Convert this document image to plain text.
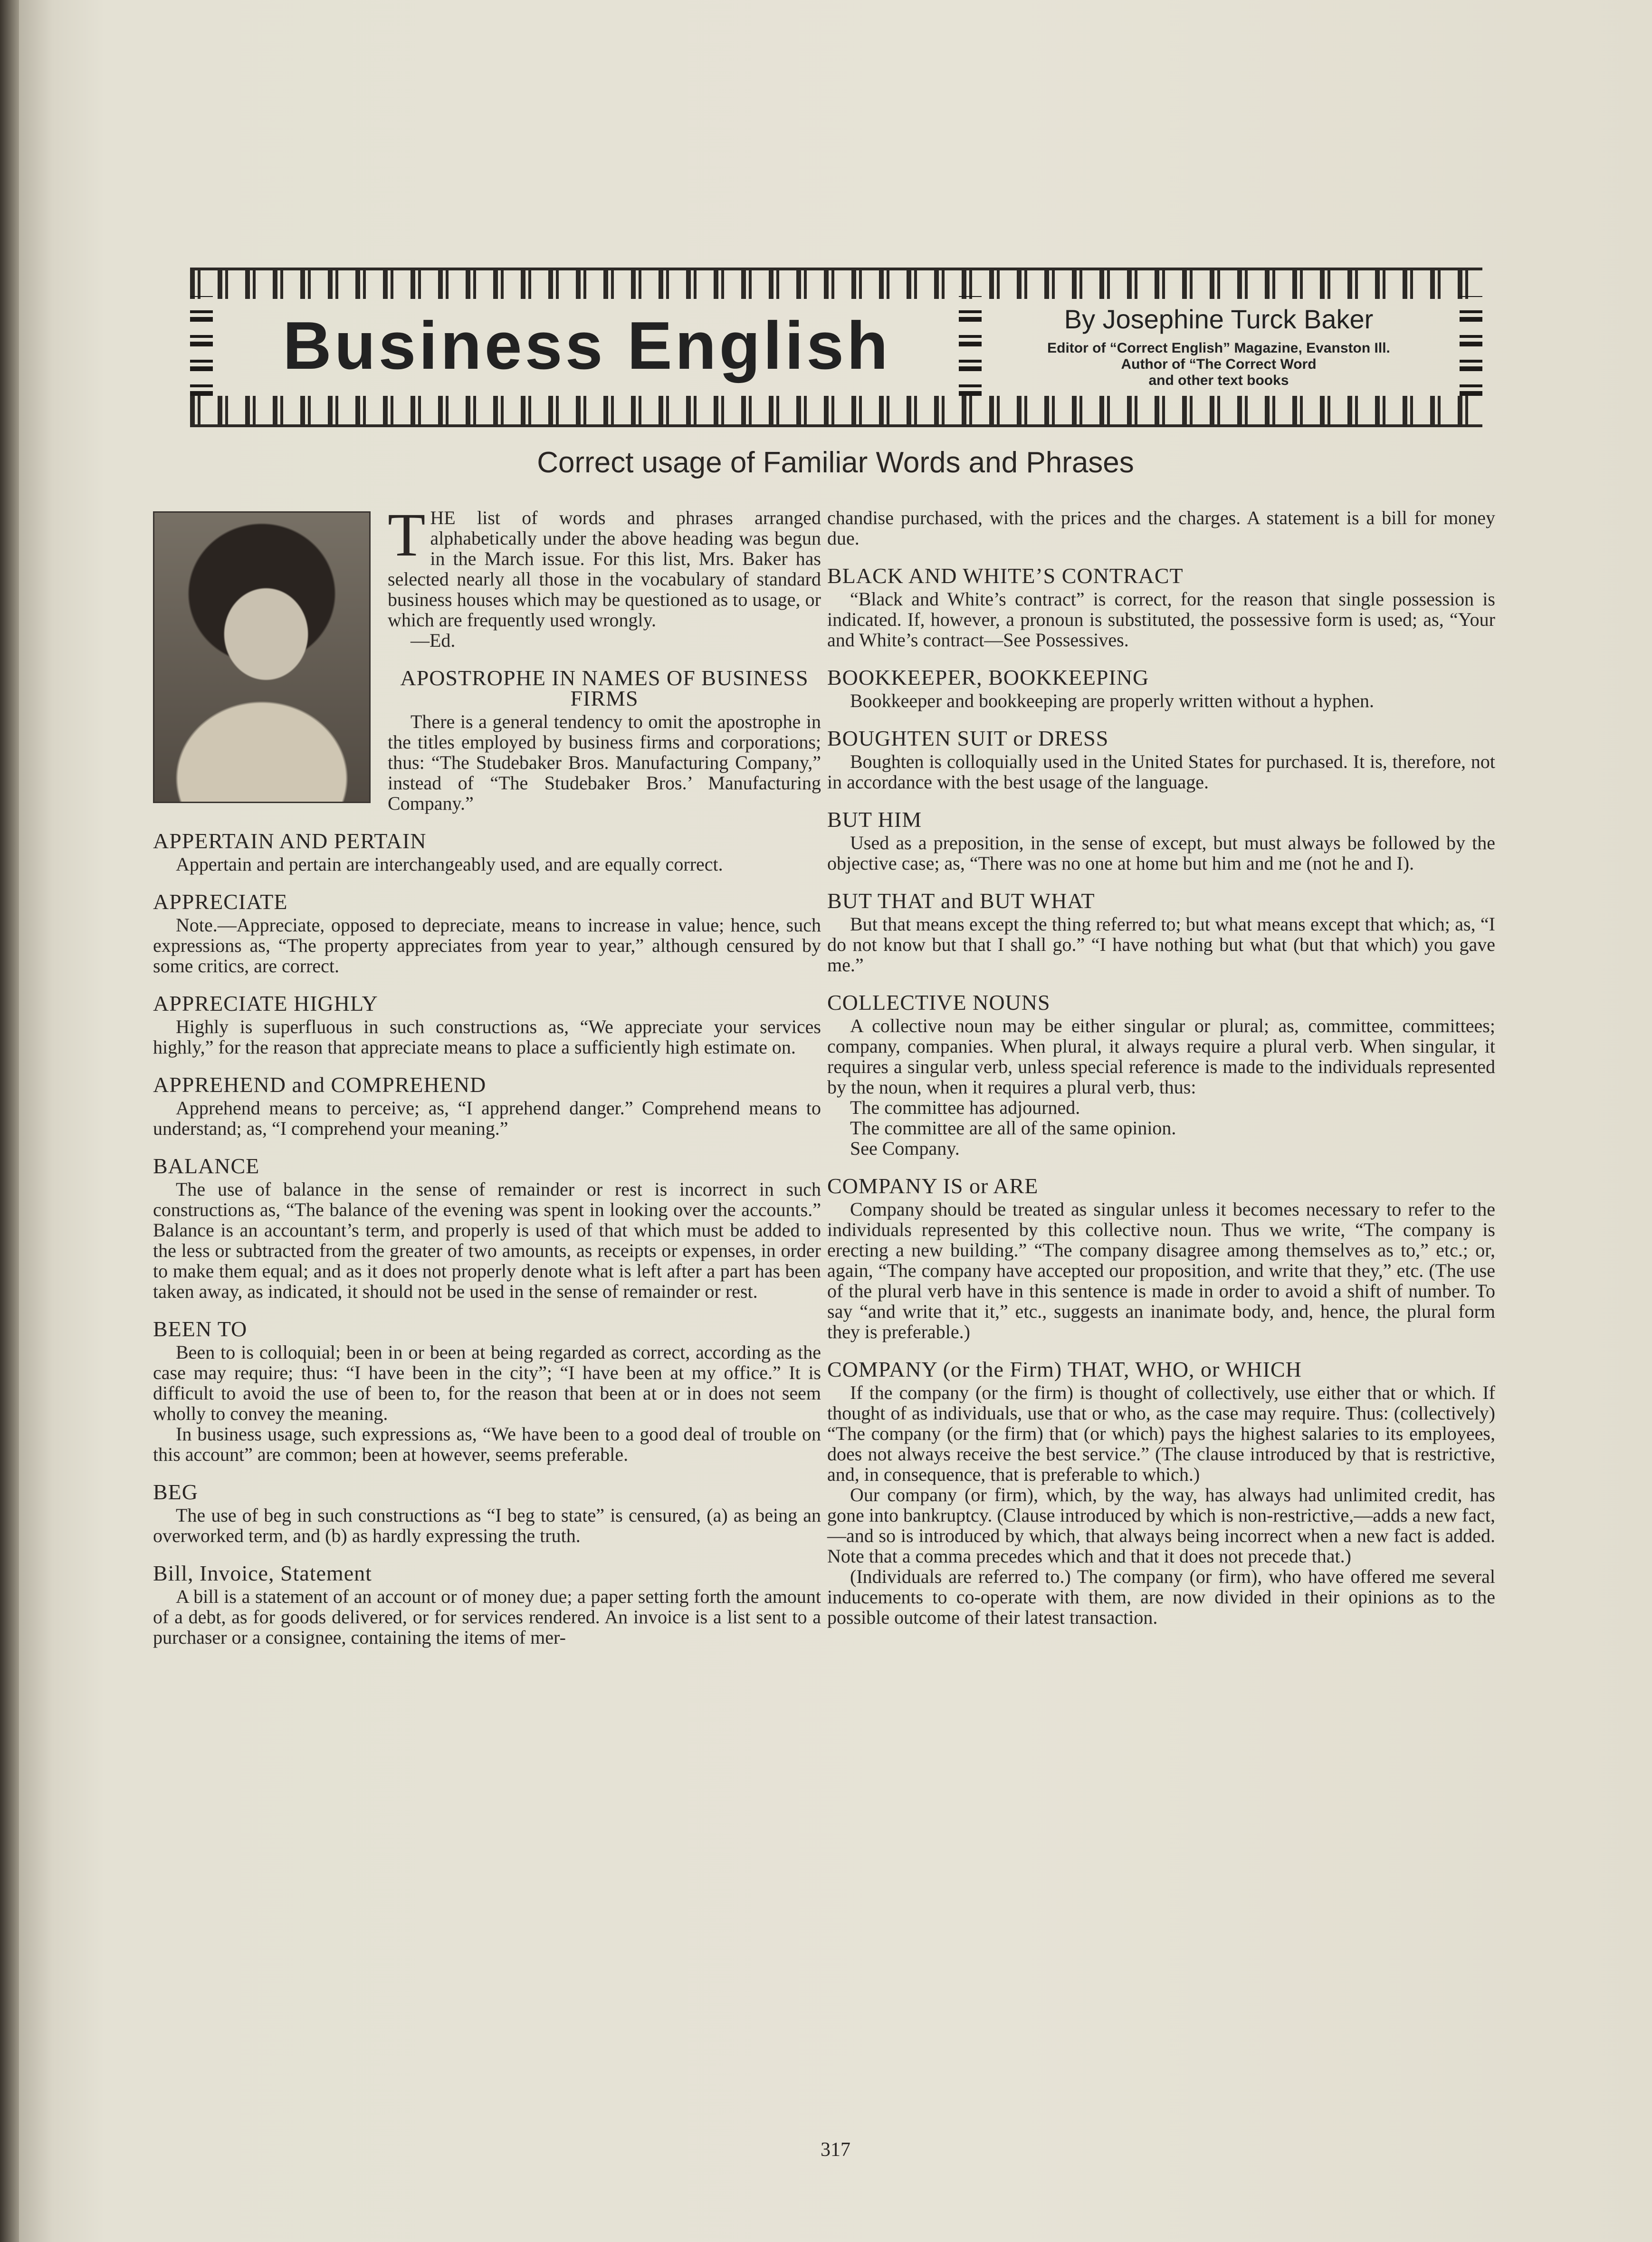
Business English	By Josephine Turck Baker
Editor of “Correct English” Magazine, Evanston Ill.
Author of “The Correct Word
and other text books
Correct usage of Familiar Words and Phrases

THE list of words and phrases arranged alphabetically under the above heading was begun in the March issue. For this list, Mrs. Baker has selected nearly all those in the vocabulary of standard business houses which may be questioned as to usage, or which are frequently used wrongly.

—Ed.

APOSTROPHE IN NAMES OF BUSINESS FIRMS

There is a general tendency to omit the apostrophe in the titles employed by business firms and corporations; thus: “The Studebaker Bros. Manufacturing Company,” instead of “The Studebaker Bros.’ Manufacturing Company.”

APPERTAIN AND PERTAIN

Appertain and pertain are interchangeably used, and are equally correct.

APPRECIATE

Note.—Appreciate, opposed to depreciate, means to increase in value; hence, such expressions as, “The property appreciates from year to year,” although censured by some critics, are correct.

APPRECIATE HIGHLY

Highly is superfluous in such constructions as, “We appreciate your services highly,” for the reason that appreciate means to place a sufficiently high estimate on.

APPREHEND and COMPREHEND

Apprehend means to perceive; as, “I apprehend danger.” Comprehend means to understand; as, “I comprehend your meaning.”

BALANCE

The use of balance in the sense of remainder or rest is incorrect in such constructions as, “The balance of the evening was spent in looking over the accounts.” Balance is an accountant’s term, and properly is used of that which must be added to the less or subtracted from the greater of two amounts, as receipts or expenses, in order to make them equal; and as it does not properly denote what is left after a part has been taken away, as indicated, it should not be used in the sense of remainder or rest.

BEEN TO

Been to is colloquial; been in or been at being regarded as correct, according as the case may require; thus: “I have been in the city”; “I have been at my office.” It is difficult to avoid the use of been to, for the reason that been at or in does not seem wholly to convey the meaning.

In business usage, such expressions as, “We have been to a good deal of trouble on this account” are common; been at however, seems preferable.

BEG

The use of beg in such constructions as “I beg to state” is censured, (a) as being an overworked term, and (b) as hardly expressing the truth.

Bill, Invoice, Statement

A bill is a statement of an account or of money due; a paper setting forth the amount of a debt, as for goods delivered, or for services rendered. An invoice is a list sent to a purchaser or a consignee, containing the items of mer-

chandise purchased, with the prices and the charges. A statement is a bill for money due.

BLACK AND WHITE’S CONTRACT

“Black and White’s contract” is correct, for the reason that single possession is indicated. If, however, a pronoun is substituted, the possessive form is used; as, “Your and White’s contract—See Possessives.

BOOKKEEPER, BOOKKEEPING

Bookkeeper and bookkeeping are properly written without a hyphen.

BOUGHTEN SUIT or DRESS

Boughten is colloquially used in the United States for purchased. It is, therefore, not in accordance with the best usage of the language.

BUT HIM

Used as a preposition, in the sense of except, but must always be followed by the objective case; as, “There was no one at home but him and me (not he and I).

BUT THAT and BUT WHAT

But that means except the thing referred to; but what means except that which; as, “I do not know but that I shall go.” “I have nothing but what (but that which) you gave me.”

COLLECTIVE NOUNS

A collective noun may be either singular or plural; as, committee, committees; company, companies. When plural, it always require a plural verb. When singular, it requires a singular verb, unless special reference is made to the individuals represented by the noun, when it requires a plural verb, thus:

The committee has adjourned.

The committee are all of the same opinion.

See Company.

COMPANY IS or ARE

Company should be treated as singular unless it becomes necessary to refer to the individuals represented by this collective noun. Thus we write, “The company is erecting a new building.” “The company disagree among themselves as to,” etc.; or, again, “The company have accepted our proposition, and write that they,” etc. (The use of the plural verb have in this sentence is made in order to avoid a shift of number. To say “and write that it,” etc., suggests an inanimate body, and, hence, the plural form they is preferable.)

COMPANY (or the Firm) THAT, WHO, or WHICH

If the company (or the firm) is thought of collectively, use either that or which. If thought of as individuals, use that or who, as the case may require. Thus: (collectively) “The company (or the firm) that (or which) pays the highest salaries to its employees, does not always receive the best service.” (The clause introduced by that is restrictive, and, in consequence, that is preferable to which.)

Our company (or firm), which, by the way, has always had unlimited credit, has gone into bankruptcy. (Clause introduced by which is non-restrictive,—adds a new fact,—and so is introduced by which, that always being incorrect when a new fact is added. Note that a comma precedes which and that it does not precede that.)

(Individuals are referred to.) The company (or firm), who have offered me several inducements to co-operate with them, are now divided in their opinions as to the possible outcome of their latest transaction.

317
